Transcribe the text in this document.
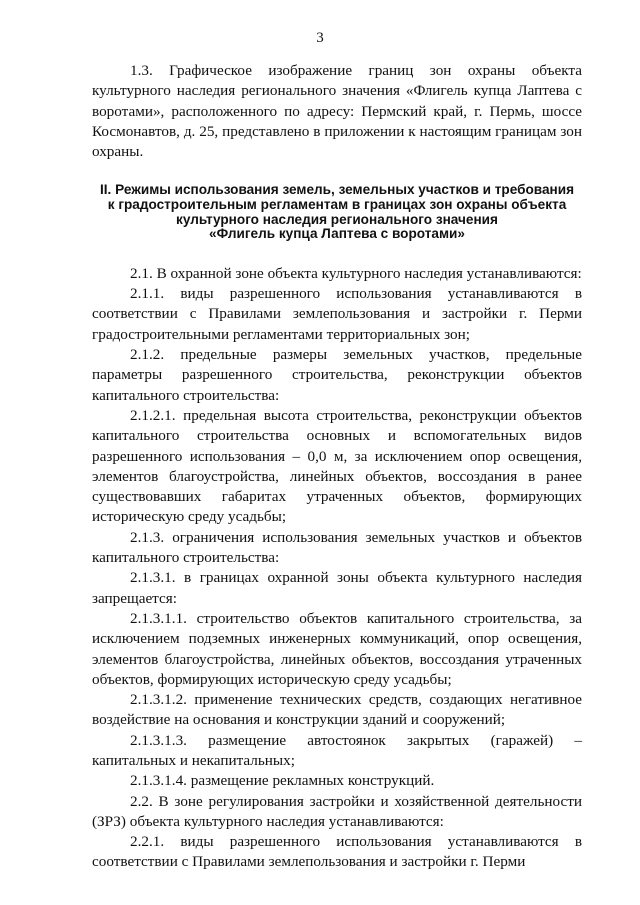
3

1.3. Графическое изображение границ зон охраны объекта культурного наследия регионального значения «Флигель купца Лаптева с воротами», расположенного по адресу: Пермский край, г. Пермь, шоссе Космонавтов, д. 25, представлено в приложении к настоящим границам зон охраны.

II. Режимы использования земель, земельных участков и требования
к градостроительным регламентам в границах зон охраны объекта
культурного наследия регионального значения
«Флигель купца Лаптева с воротами»

2.1. В охранной зоне объекта культурного наследия устанавливаются:

2.1.1. виды разрешенного использования устанавливаются в соответствии с Правилами землепользования и застройки г. Перми градостроительными регламентами территориальных зон;

2.1.2. предельные размеры земельных участков, предельные параметры разрешенного строительства, реконструкции объектов капитального строительства:

2.1.2.1. предельная высота строительства, реконструкции объектов капитального строительства основных и вспомогательных видов разрешенного использования – 0,0 м, за исключением опор освещения, элементов благоустройства, линейных объектов, воссоздания в ранее существовавших габаритах утраченных объектов, формирующих историческую среду усадьбы;

2.1.3. ограничения использования земельных участков и объектов капитального строительства:

2.1.3.1. в границах охранной зоны объекта культурного наследия запрещается:

2.1.3.1.1. строительство объектов капитального строительства, за исключением подземных инженерных коммуникаций, опор освещения, элементов благоустройства, линейных объектов, воссоздания утраченных объектов, формирующих историческую среду усадьбы;

2.1.3.1.2. применение технических средств, создающих негативное воздействие на основания и конструкции зданий и сооружений;

2.1.3.1.3. размещение автостоянок закрытых (гаражей) – капитальных и некапитальных;

2.1.3.1.4. размещение рекламных конструкций.

2.2. В зоне регулирования застройки и хозяйственной деятельности (ЗРЗ) объекта культурного наследия устанавливаются:

2.2.1. виды разрешенного использования устанавливаются в соответствии с Правилами землепользования и застройки г. Перми
